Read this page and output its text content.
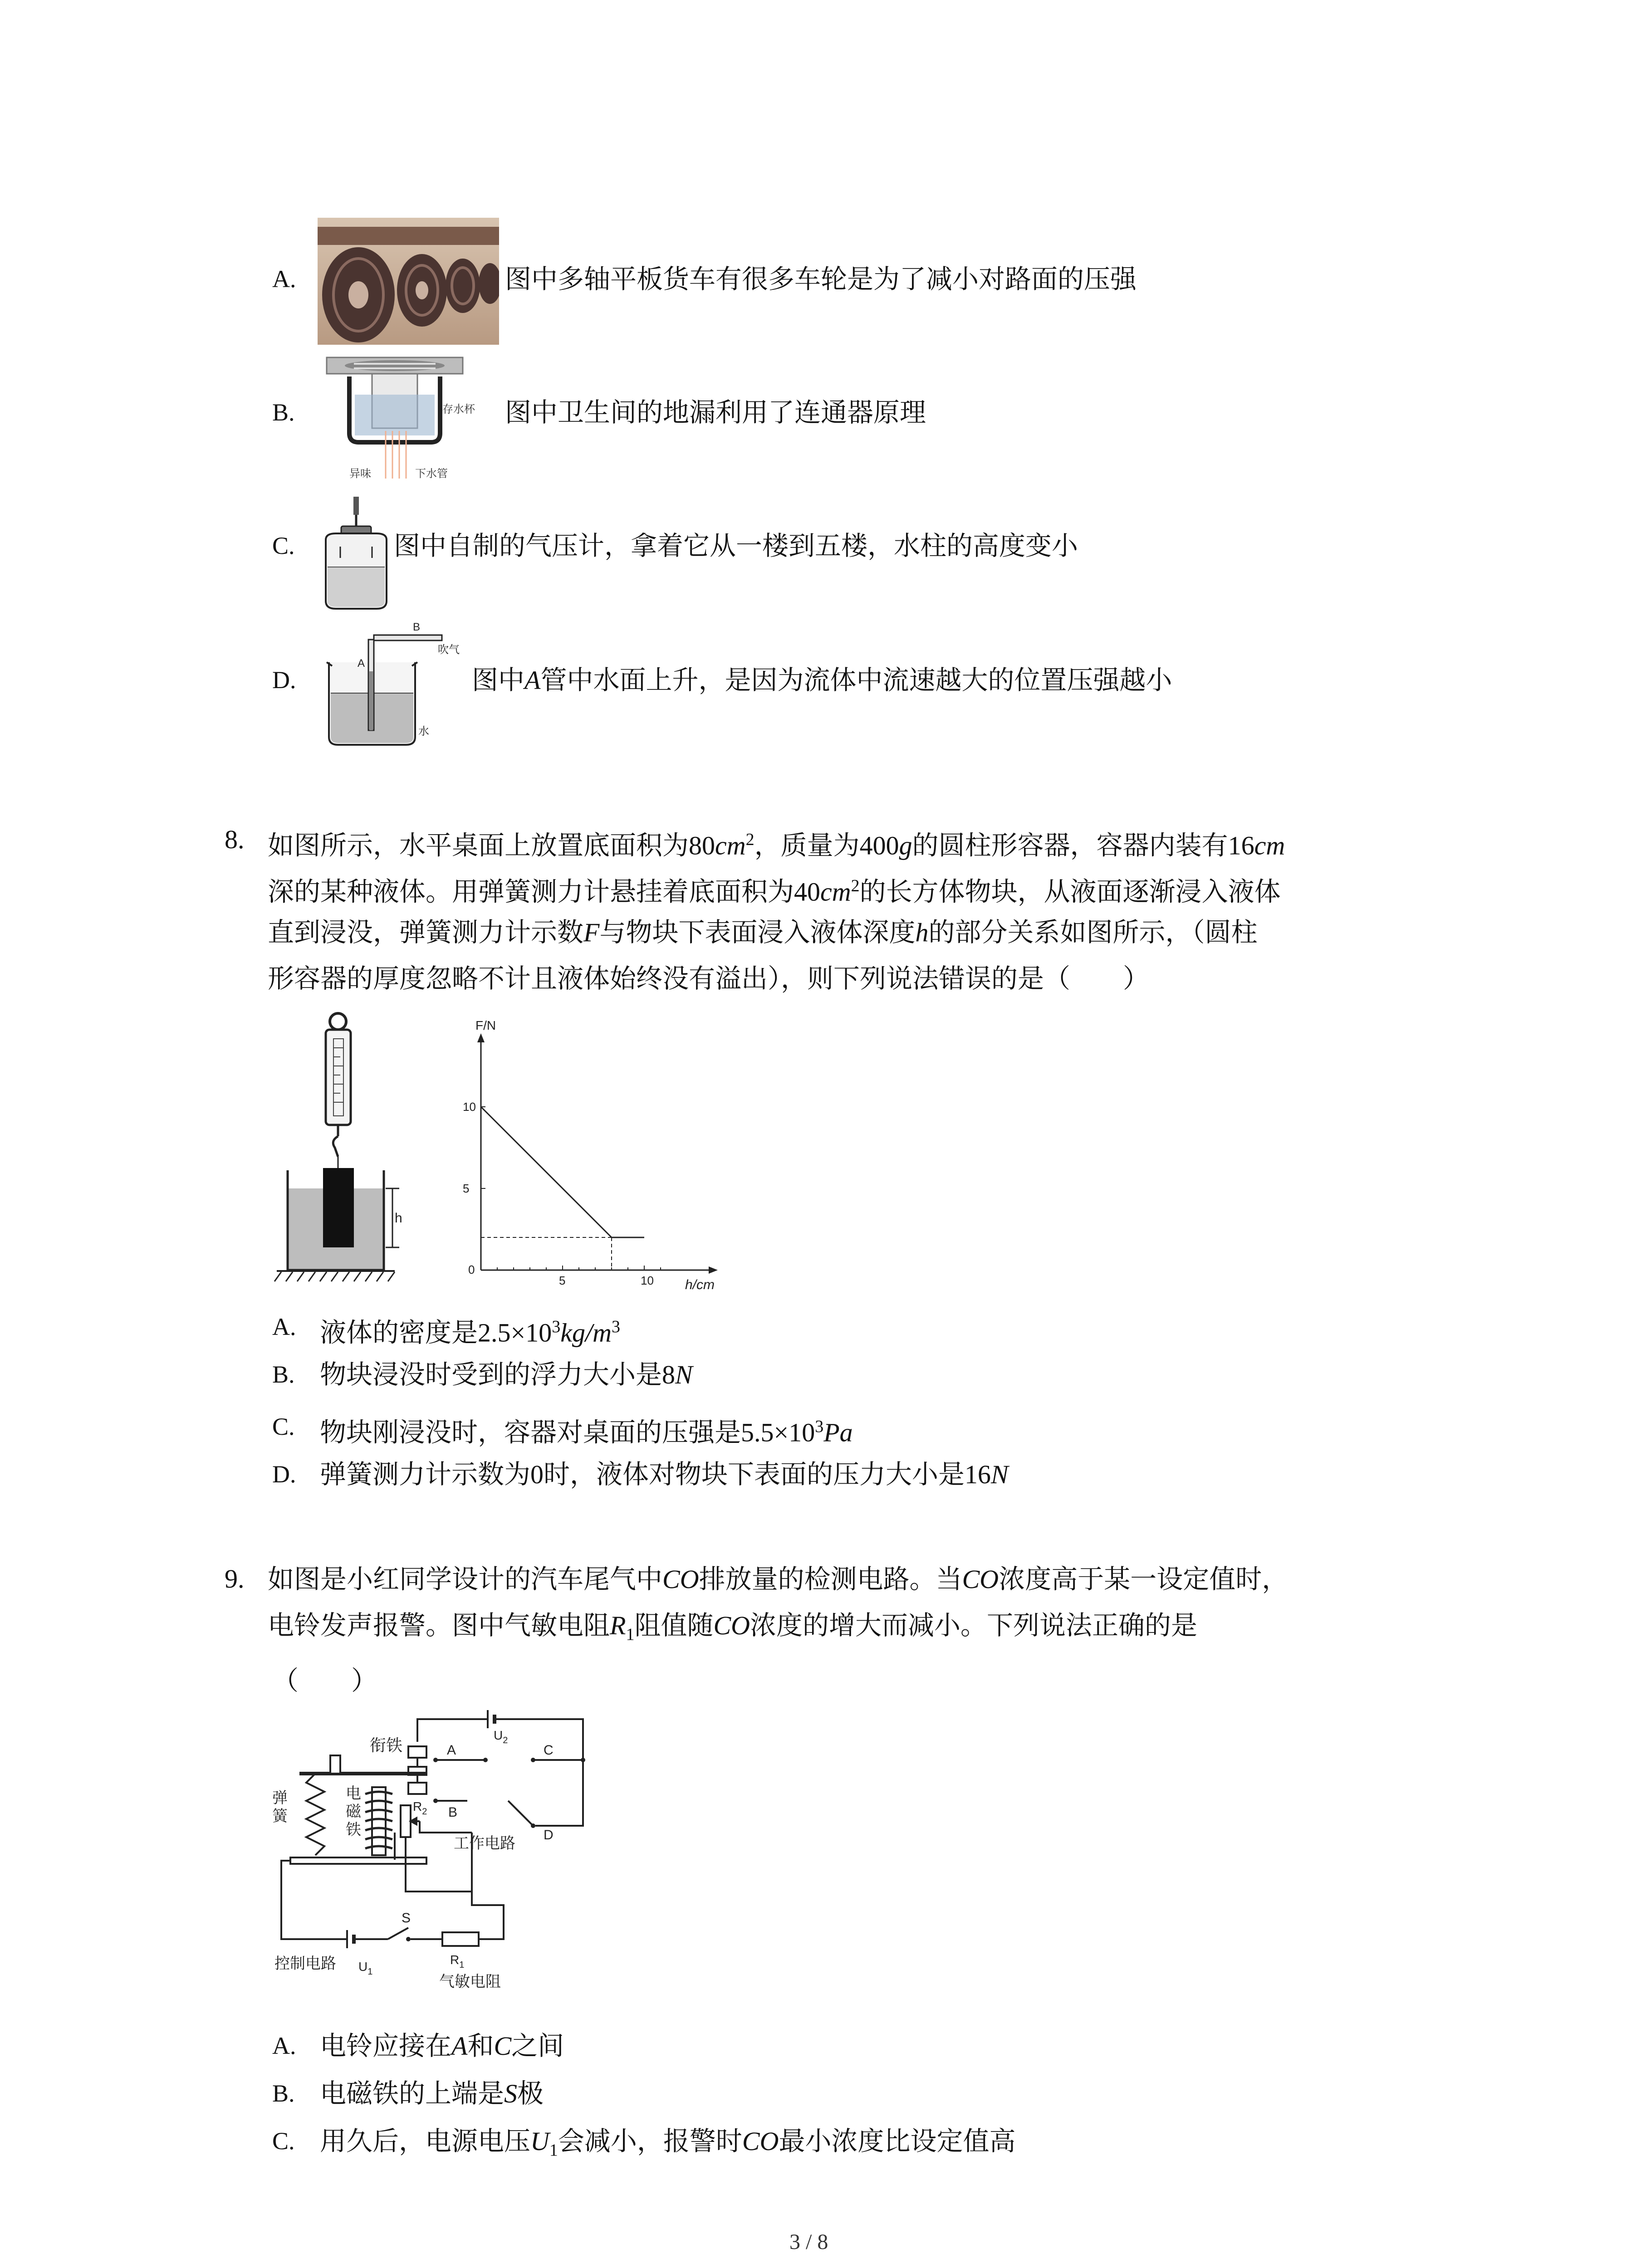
A.	图中多轴平板货车有很多车轮是为了减小对路面的压强
B.	存水杯
异味	下水管
图中卫生间的地漏利用了连通器原理
C.	图中自制的气压计，拿着它从一楼到五楼，水柱的高度变小
D.
A
B
吹气
水
图中A管中水面上升，是因为流体中流速越大的位置压强越小
8. 如图所示，水平桌面上放置底面积为$80cm^2$，质量为400g的圆柱形容器，容器内装有16cm
深的某种液体。用弹簧测力计悬挂着底面积为$40cm^2$的长方体物块，从液面逐渐浸入液体
直到浸没，弹簧测力计示数F与物块下表面浸入液体深度h的部分关系如图所示，（圆柱
形容器的厚度忽略不计且液体始终没有溢出），则下列说法错误的是（　　）
h
F/N
h/cm
5	10
0
5
10
A. 液体的密度是$2.5\times 10^3kg/m^3$
B. 物块浸没时受到的浮力大小是8N
C. 物块刚浸没时，容器对桌面的压强是$5.5\times 10^3Pa$
D. 弹簧测力计示数为0时，液体对物块下表面的压力大小是16N
9. 如图是小红同学设计的汽车尾气中CO排放量的检测电路。当CO浓度高于某一设定值时，
电铃发声报警。图中气敏电阻$R_1$阻值随CO浓度的增大而减小。下列说法正确的是
（　　）
$U_2$
A	C
B
D
衔铁
弹
簧
电
磁
铁
$R_2$
工作电路
S
控制电路 $U_1$
$R_1$
气敏电阻
A. 电铃应接在A和C之间
B. 电磁铁的上端是S极
C. 用久后，电源电压$U_1$会减小，报警时CO最小浓度比设定值高
3 / 8
